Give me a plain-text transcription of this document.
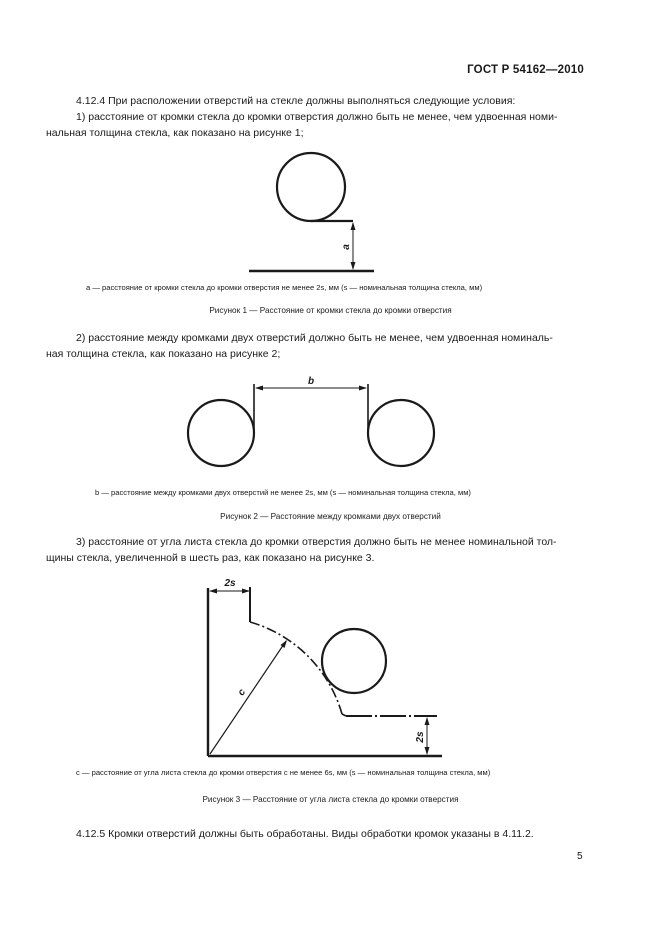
ГОСТ Р 54162—2010
4.12.4 При расположении отверстий на стекле должны выполняться следующие условия:
1) расстояние от кромки стекла до кромки отверстия должно быть не менее, чем удвоенная номи-
нальная толщина стекла, как показано на рисунке 1;
a
b
2s
2s
c
a — расстояние от кромки стекла до кромки отверстия не менее 2s, мм (s — номинальная толщина стекла, мм)
Рисунок 1 — Расстояние от кромки стекла до кромки отверстия
2) расстояние между кромками двух отверстий должно быть не менее, чем удвоенная номиналь-
ная толщина стекла, как показано на рисунке 2;
b — расстояние между кромками двух отверстий не менее 2s, мм (s — номинальная толщина стекла, мм)
Рисунок 2 — Расстояние между кромками двух отверстий
3) расстояние от угла листа стекла до кромки отверстия должно быть не менее номинальной тол-
щины стекла, увеличенной в шесть раз, как показано на рисунке 3.
c — расстояние от угла листа стекла до кромки отверстия c не менее 6s, мм (s — номинальная толщина стекла, мм)
Рисунок 3 — Расстояние от угла листа стекла до кромки отверстия
4.12.5 Кромки отверстий должны быть обработаны. Виды обработки кромок указаны в 4.11.2.
5
